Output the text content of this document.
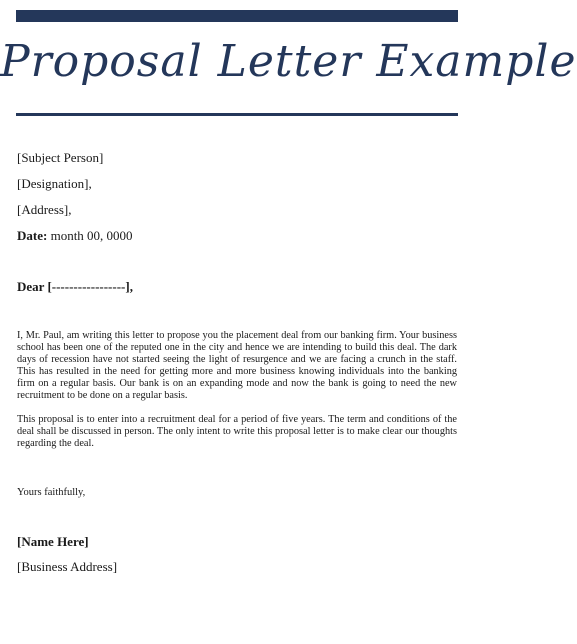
Proposal Letter Example
[Subject Person]
[Designation],
[Address],
Date: month 00, 0000
Dear [-----------------],
I, Mr. Paul, am writing this letter to propose you the placement deal from our banking firm. Your business school has been one of the reputed one in the city and hence we are intending to build this deal. The dark days of recession have not started seeing the light of resurgence and we are facing a crunch in the staff. This has resulted in the need for getting more and more business knowing individuals into the banking firm on a regular basis. Our bank is on an expanding mode and now the bank is going to need the new recruitment to be done on a regular basis.
This proposal is to enter into a recruitment deal for a period of five years. The term and conditions of the deal shall be discussed in person. The only intent to write this proposal letter is to make clear our thoughts regarding the deal.
Yours faithfully,
[Name Here]
[Business Address]
